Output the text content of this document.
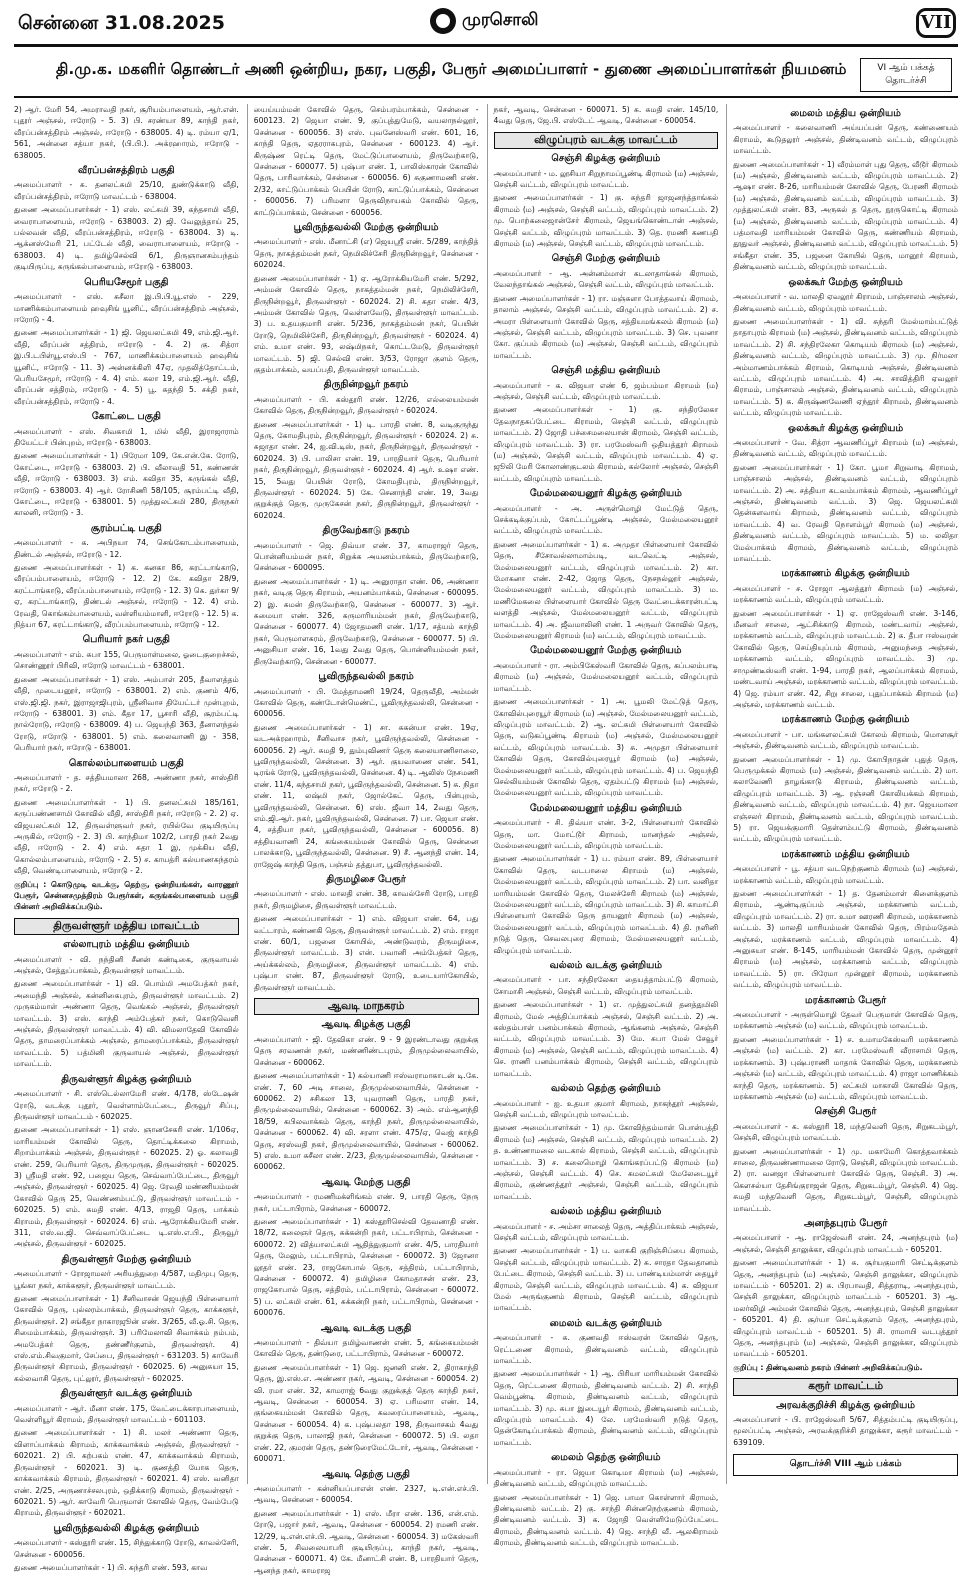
சென்னை 31.08.2025	முரசொலி	VII
தி.மு.க. மகளிர் தொண்டர் அணி ஒன்றிய, நகர, பகுதி, பேரூர் அமைப்பாளர் - துணை அமைப்பாளர்கள் நியமனம்	VI ஆம் பக்கத் தொடர்ச்சி
2) ஆர். மேரி 54, அமராவதி நகர், சூரியம்பாளையம், ஆர்.என். புதூர் அஞ்சல், ஈரோடு - 5. 3) பி. சரண்யா 89, காந்தி நகர், வீரப்பன்சத்திரம் அஞ்சல், ஈரோடு - 638005. 4) டி. ரம்யா ஏ/1, 561, அன்னை சத்யா நகர், (பி.பி.). அக்ரஹாரம், ஈரோடு - 638005.
வீரப்பன்சத்திரம் பகுதி
அமைப்பாளர் - சு. தனலட்சுமி 25/10, துண்டுக்காடு வீதி, வீரப்பன்சத்திரம், ஈரோடு மாவட்டம் - 638004.
துணை அமைப்பாளர்கள் - 1) எஸ். லட்சுமி 39, கந்தசாமி வீதி, வைராபாளையம், ஈரோடு - 638003. 2) ஜி. வேலுத்தாய் 25, பல்லவன் வீதி, வீரப்பன்சத்திரம், ஈரோடு - 638004. 3) டி. ஆக்னஸ்மேரி 21, பட்டேல் வீதி, வைராபாளையம், ஈரோடு - 638003. 4) டி. தமிழ்செல்வி 6/1, திருஞானசம்பந்தம் குடியிருப்பு, கருங்கல்பாளையம், ஈரோடு - 638003.
பெரியசேமூர் பகுதி
அமைப்பாளர் - எஸ். சுசீலா இ.பி.பி.யூ.எஸ் - 229, மாணிக்கம்பாளையம் ஹவுசிங் யூனிட், வீரப்பன்சத்திரம் அஞ்சல், ஈரோடு - 4.
துணை அமைப்பாளர்கள் - 1) ஜி. ஜெயலட்சுமி 49, எம்.ஜி.ஆர். வீதி, வீரப்பன் சத்திரம், ஈரோடு - 4. 2) கு. சித்ரா இ.பி.டபிள்யூ.எஸ்.பி - 767, மாணிக்கம்பாளையம் ஹவுசிங் யூனிட், ஈரோடு - 11. 3) அன்னக்கிளி 47ஏ, முதலித்தோட்டம், பெரியசேமூர், ஈரோடு - 4. 4) எம். கலா 19, எம்.ஜி.ஆர். வீதி, வீரப்பன் சத்திரம், ஈரோடு - 4. 5) பூ. சுதந்தி 5. சக்தி நகர், வீரப்பன்சத்திரம், ஈரோடு - 4.
கோட்டை பகுதி
அமைப்பாளர் - எஸ். சிவகாமி 1, மில் வீதி, இராஜாராம் தியேட்டர் பின்புறம், ஈரோடு - 638003.
துணை அமைப்பாளர்கள் - 1) பிரேமா 109, கே.என்.கே. ரோடு, கோட்டை, ஈரோடு - 638003. 2) பி. வீலாவதி 51, கண்ணன் வீதி, ஈரோடு - 638003. 3) எம். கவிதா 35, கருங்கல் வீதி, ஈரோடு - 638003. 4) ஆர். ரோசிணி 58/105, சூரம்பட்டி வீதி, கோட்டை, ஈரோடு - 638001. 5) முத்துலட்சுமி 280, திருநகர் காலனி, ஈரோடு - 3.
சூரம்பட்டி பகுதி
அமைப்பாளர் - க. அபிநயா 74, செங்கோடம்பாளையம், திண்டல் அஞ்சல், ஈரோடு - 12.
துணை அமைப்பாளர்கள் - 1) க. கனகா 86, கரட்டாங்காடு, வீரப்பம்பாளையம், ஈரோடு - 12. 2) கே. கவிதா 28/9, கரட்டாங்காடு, வீரப்பம்பாளையம், ஈரோடு - 12. 3) கெ. துர்கா 9/ஏ, கரட்டாங்காடு, திண்டல் அஞ்சல், ஈரோடு - 12. 4) எம். ரேவதி, கொங்கம்பாளையம், வள்ளியம்மாளி, ஈரோடு - 12. 5) க. நித்யா 67, கரட்டாங்காடு, வீரப்பம்பாளையம், ஈரோடு - 12.
பெரியார் நகர் பகுதி
அமைப்பாளர் - எம். சுபா 155, பெருமாள்மலை, ஓடைகுறைச்சல், சொண்ணூர் பிரிவி, ஈரோடு மாவட்டம் - 638001.
துணை அமைப்பாளர்கள் - 1) எஸ். அம்பாள் 205, தீவாளத்தம் வீதி, முடையனூர், ஈரோடு - 638001. 2) எம். குணம் 4/6, எஸ்.ஜி.ஜி. நகர், இராஜாஜிபுரம், ஸ்ரீனிவாச தியேட்டர் முன்புறம், ஈரோடு - 638001. 3) எம். கீதா 17, பூசாரி வீதி, சூரம்பட்டி நால்ரோடு, ஈரோடு - 638009. 4) ப. ஜெயந்தி 363, தீனாளந்தல் ரோடு, ஈரோடு - 638001. 5) எம். கலைவாணி இ - 358, பெரியார் நகர், ஈரோடு - 638001.
கொல்லம்பாளையம் பகுதி
அமைப்பாளர் - த. சத்தியமாலா 268, அண்ணா நகர், சாஸ்திரி நகர், ஈரோடு - 2.
துணை அமைப்பாளர்கள் - 1) பி. தனலட்சுமி 185/161, கருப்பண்ணசாமி கோவில் வீதி, சாஸ்திரி நகர், ஈரோடு - 2. 2) ஏ. விஜயலட்சுமி 12, திருவள்ளுவர் நகர், ரயில்வே குடியிருப்பு அருகில், ஈரோடு - 2. 3) பி. காந்திமா 102/2, பாரதி நகர் 2வது வீதி, ஈரோடு - 2. 4) எம். சுதா 1 இ, முக்கிய வீதி, கொல்லம்பாளையம், ஈரோடு - 2. 5) ச. காயத்ரி கல்யாணசுந்தரம் வீதி, வெண்டிபாளையம், ஈரோடு - 2.
குறிப்பு : கொடுமுடி வடக்கு, தெற்கு, ஒன்றியங்கள், வாரணூர் பேரூர், சென்னசமுத்திரம் பேரூர்கள், கருங்கல்பாளையம் பகுதி பின்னர் அறிவிக்கப்படும்.
திருவள்ளூர் மத்திய மாவட்டம்
எல்லாபுரம் மத்திய ஒன்றியம்
அமைப்பாளர் - வி. நந்தினி சீனன் கண்டிகை, குருவாயல் அஞ்சல், சேத்துப்பாக்கம், திருவள்ளூர் மாவட்டம்.
துணை அமைப்பாளர்கள் - 1) வி. பொம்மி அமபேத்கர் நகர், அமைந்தி அஞ்சல், கன்னிகைபுரம், திருவள்ளூர் மாவட்டம். 2) முருகம்மாள் அண்ணா தெரு, வெங்கல் அஞ்சல், திருவள்ளூர் மாவட்டம். 3) எஸ். காந்தி அம்பேத்கர் நகர், கொடுவெளி அஞ்சல், திருவள்ளூர் மாவட்டம். 4) வி. விமலாதேவி கோவில் தெரு, தாமரைப்பாக்கம் அஞ்சல், தாமரைப்பாக்கம், திருவள்ளூர் மாவட்டம். 5) பத்மினி குருவாயல் அஞ்சல், திருவள்ளூர் மாவட்டம்.
திருவள்ளூர் கிழக்கு ஒன்றியம்
அமைப்பாளர் - சி. எஸ்டெல்லாமேரி எண். 4/178, ஸ்டேஷன் ரோடு, வடக்கு புதூர், வெள்ளாம்பேட்டை, திருவூர் சிப்பு, திருவள்ளூர் மாவட்டம் - 602025.
துணை அமைப்பாளர்கள் - 1) எஸ். ஞானசேகரி எண். 1/106ஏ, மாரியம்மன் கோவில் தெரு, தொட்டிக்கலை கிராமம், சிறாம்பாக்கம் அஞ்சல், திருவள்ளூர் - 602025. 2) ஓ. கலாவதி எண். 259, பெரியார் தெரு, திருமுருகு, திருவள்ளூர் - 602025. 3) ஸ்ரீமதி எண். 92, பஜைய தெரு, செவ்வாப்பேட்டை, திருவூர் அஞ்சல், திருவள்ளூர் - 602025. 4) ஜெ. ரேவதி மண்ணியம்மன் கோவில் தெரு 25, வெண்ணம்பட்டு, திருவள்ளூர் மாவட்டம் - 602025. 5) எம். சுமதி எண். 4/13, ராஜதி தெரு, பாக்கம் கிராமம், திருவள்ளூர் - 602024. 6) எம். ஆரோக்கியமேரி எண். 311, எஸ்.வ.ஜி. செவ்வாப்பேட்டை டி.எஸ்.எ.பி., திருவூர் அஞ்சல், திருவள்ளூர் - 602025.
திருவள்ளூர் மேற்கு ஒன்றியம்
அமைப்பாளர் - ரோஜாமலர் அரியத்துறை 4/587, மதிமுபு தெரு, பூங்கா நகர், காக்களூர், திருவள்ளூர் மாவட்டம்.
துணை அமைப்பாளர்கள் - 1) சீனிவாசன் ஜெயந்தி பிள்ளையார் கோவில் தெரு, புல்லரம்பாக்கம், திருவள்ளூர் தெரு, காக்களூர், திருவள்ளூர். 2) சங்கீதா நாகாரஜூன் எண். 3/265, வீ.ஓ.சி. தெரு, சிமைம்பாக்கம், திருவள்ளூர். 3) பரிமேலாவி சிவாக்கம் நம்பம், அமபேத்கர் தெரு, தண்ணீர்குளம், திருவள்ளூர். 4) எஸ்.எம்.சிவகுமார், சேப்பை, திருவள்ளூர் - 631203. 5) காவேரி திருவள்ளூர் கிராமம், திருவள்ளூர் - 602025. 6) அனுசுயா 15, கல்லவாசி தெரு, புட்லூர், திருவள்ளூர் - 602025.
திருவள்ளூர் வடக்கு ஒன்றியம்
அமைப்பாளர் - ஆர். மீனா எண். 175, வேட்டைக்காரபாளையம், வெள்ளியூர் கிராமம், திருவள்ளூர் மாவட்டம் - 601103.
துணை அமைப்பாளர்கள் - 1) சி. மலர் அண்ணா தெரு, விளாப்பாக்கம் கிராமம், காக்கவாக்கம் அஞ்சல், திருவள்ளூர் - 602021. 2) பி. கற்பகம் எண். 47, காக்கவாக்கம் கிராமம், திருவள்ளூர் - 602021. 3) டி. குணத்தி யோக தெரு, காக்கவாக்கம் கிராமம், திருவள்ளூர் - 602021. 4) எஸ். வனிதா எண். 2/25, அருணாச்சலபுரம், ஒதிக்காடு கிராமம், திருவள்ளூர் - 602021. 5) ஆர். காவேரி பெருமாள் கோவில் தெரு, வேம்பேடு கிராமம், திருவள்ளூர் - 602021.
பூவிருந்தவல்லி கிழக்கு ஒன்றியம்
அமைப்பாளர் - கஸ்தூரி எண். 15, சிந்துக்காடு ரோடு, காவல்சேரி, சென்னை - 600056.
துணை அமைப்பாளர்கள் - 1) பி. சுந்தரி எண். 593, காவ
யைய்யம்மன் கோவில் தெரு, செம்பரம்பாக்கம், சென்னை - 600123. 2) ஜெயா எண். 9, குப்புத்துமேடு, வயலாநல்லூர், சென்னை - 600056. 3) எஸ். புவனேஸ்வரி எண். 601, 16, காந்தி தெரு, ஏதரராகபுரம், சென்னை - 600123. 4) ஆர். கிருஷ்ண ரெட்டி தெரு, மேட்டுப்பாளையம், திருவேற்காடு, சென்னை - 600077. 5) புஷ்பா எண். 1, பாலிஸ்காரன் கோவில் தெரு, பாரிவாக்கம், சென்னை - 600056. 6) சுகுணாமணி எண். 2/32, காட்டுப்பாக்கம் பெயின் ரோடு, காட்டுப்பாக்கம், சென்னை - 600056. 7) பரிமளா தெருவிநாயகம் கோவில் தெரு, காட்டுப்பாக்கம், சென்னை - 600056.
பூவிருந்தவல்லி மேற்கு ஒன்றியம்
அமைப்பாளர் - எஸ். மீனாட்சி (எ) ஜெயஸ்ரீ எண். 5/289, காந்தித் தெரு, நாகத்தம்மன் நகர், நெமிலிச்சேரி திருநின்றவூர், சென்னை - 602024.
துணை அமைப்பாளர்கள் - 1) ஏ. ஆரோக்கியமேரி எண். 5/292, அம்மன் கோவில் தெரு, நாகத்தம்மன் நகர், நெமிலிச்சேரி, திருநின்றவூர், திருவள்ளூர் - 602024. 2) சி. சுதா எண். 4/3, அம்மன் கோவில் தெரு, வெள்ளவேடு, திருவள்ளூர் மாவட்டம். 3) ப. உதயகுமாரி எண். 5/236, நாகத்தம்மன் நகர், பெயின் ரோடு, நெமிலிச்சேரி, திருநின்றவூர், திருவள்ளூர் - 602024. 4) எம். உமா எண். 93, லஷ்மிநகர், கொட்டமேடு, திருவள்ளூர் மாவட்டம். 5) ஜி. செல்வி எண். 3/53, ரோஜா குளம் தெரு, குதம்பாக்கம், வயப்பதி, திருவள்ளூர் மாவட்டம்.
திருநின்றவூர் நகரம்
அமைப்பாளர் - பி. கஸ்தூரி எண். 12/26, எல்லையம்மன் கோவில் தெரு, திருநின்றவூர், திருவள்ளூர் - 602024.
துணை அமைப்பாளர்கள் - 1) டி. பாரதி எண். 8, வடிகுருந்து தெரு, கோமதிபுரம், திருநின்றவூர், திருவள்ளூர் - 602024. 2) சு. சுஜாதா எண். 24, ஐ.வி.டிஸ், நகர், திருநின்றவூர், திருவள்ளூர் - 602024. 3) பி. பாலிசா எண். 19, பாரதியார் தெரு, பெரியார் நகர், திருநின்றவூர், திருவள்ளூர் - 602024. 4) ஆர். உஷா எண். 15, 5வது பெயின் ரோடு, கோமதிபுரம், திருநின்றவூர், திருவள்ளூர் - 602024. 5) கே. செனாந்தி எண். 19, 3வது குறுக்குத் தெரு, முருகேசன் நகர், திருநின்றவூர், திருவள்ளூர் - 602024.
திருவேற்காடு நகரம்
அமைப்பாளர் - ஜெ. திவ்யா எண். 37, காமராஜர் தெரு, பொன்னியம்மன் நகர், சிறுக்க அயனம்பாக்கம், திருவேற்காடு, சென்னை - 600095.
துணை அமைப்பாளர்கள் - 1) டி. அனுராதா எண். 06, அண்ணா நகர், வடிகு தெரு கிராமம், அயனம்பாக்கம், சென்னை - 600095. 2) இ. சுமன் திருவேற்காடு, சென்னை - 600077. 3) ஆர். சுமையா எண். 326, கருமாரியம்மன் நகர், திருவேற்காடு, சென்னை - 600077. 4) ஜோதமணி எண். 1/17, சத்யம் காந்தி நகர், பெருமாளகரம், திருவேற்காடு, சென்னை - 600077. 5) பி. அனுசியா எண். 16, 1வது 2வது தெரு, பொன்னியம்மன் நகர், திருவேற்காடு, சென்னை - 600077.
பூவிருந்தவல்லி நகரம்
அமைப்பாளர் - பி. மேத்தாமணி 19/24, தெருவீதி, அம்மன் கோவில் தெரு, கண்டோன்மெண்ட், பூவிருந்தவல்லி, சென்னை - 600056.
துணை அமைப்பாளர்கள் - 1) சா. சுகன்யா எண். 19ஏ, வடஅக்ரஹாரம், சீனிவாச நகர், பூவிருந்தவல்லி, சென்னை - 600056. 2) ஆர். சுமதி 9, தும்புவிணர் தெரு கலையாணிசாலை, பூவிருந்தவல்லி, சென்னை. 3) ஆர். குயவாணை எண். 541, டிரங்க் ரோடு, பூவிருந்தவல்லி, சென்னை. 4) டி. ஆலிஸ் நேசமணி எண். 11/4, கந்தசாமி நகர், பூவிருந்தவல்லி, சென்னை. 5) சு. நிதா எண். 11, லஷ்மி நகர், ஜோல்கேட் தெரு, பின்புறம், பூவிருந்தவல்லி, சென்னை. 6) எஸ். ஜீவா 14, 2வது தெரு, எம்.ஜி.ஆர். நகர், பூவிருந்தவல்லி, சென்னை. 7) பா. ஜெயா எண். 4, சத்தியா நகர், பூவிருந்தவல்லி, சென்னை - 600056. 8) சத்தியவாணி 24, கங்கையம்மன் கோவில் தெரு, சென்னை பாலக்காடு, பூவிருந்தவல்லி, சென்னை. 9) சீ. ஆனந்தி எண். 14, ராஜேஷ் காந்தி தெரு, பஞ்சம் தத்துபா, பூவிருந்தவல்லி.
திருமழிசை பேரூர்
அமைப்பாளர் - எஸ். மாலதி எண். 38, காவல்சேரி ரோடு, பாரதி நகர், திருமழிசை, திருவள்ளூர் மாவட்டம்.
துணை அமைப்பாளர்கள் - 1) எம். விஜயா எண். 64, பது வட்டாரம், கண்ணகி தெரு, திருவள்ளூர் மாவட்டம். 2) எம். ராஜா எண். 60/1, பஜனை கோயில், அண்டுவரம், திருமழிசை, திருவள்ளூர் மாவட்டம். 3) என். பவானி அம்பேத்கர் தெரு, அய்க்கல்லம், திருமழிசை, திருவள்ளூர் மாவட்டம். 4) எம். புஷ்பா எண். 87, திருவள்ளூர் ரோடு, உடையார்கோயில், திருவள்ளூர் மாவட்டம்.
ஆவடி மாநகரம்
ஆவடி கிழக்கு பகுதி
அமைப்பாளர் - ஜி. தேவிகா எண். 9 - 9 இரண்டாவது குறுக்கு தெரு சரவணன் நகர், மண்ணிண்டபுரம், திருமுல்லைவாயில், சென்னை - 600062.
துணை அமைப்பாளர்கள் - 1) கல்யாணி ஈஸ்வராமாகாடன் டி.கே. எண். 7, 60 அடி சாலை, திருமுல்லைவாயில், சென்னை - 600062. 2) சசிகலா 13, யுவராணி தெரு, பாரதி நகர், திருமுல்லைவாயில், சென்னை - 600062. 3) அம். எம்ஆனந்தி 18/59, கபிலவாக்கம் தெரு, காந்தி நகர், திருமுல்லைவாயில், சென்னை - 600062. 4) வி. சரளா எண். 475/ஏ, வெஜ் காந்தி தெரு, சரஸ்வதி நகர், திருமுல்லைவாயில், சென்னை - 600062. 5) எஸ். உமா சுசீலா எண். 2/23, திருமுல்லைவாயில், சென்னை - 600062.
ஆவடி மேற்கு பகுதி
அமைப்பாளர் - ரமணிமக்ளிங்கம் எண். 9, பாரதி தெரு, நேரு நகர், பட்டாபிராம், சென்னை - 600072.
துணை அமைப்பாளர்கள் - 1) கஸ்தூரிசெல்வி தேவனாதி எண். 18/72, கலைஞர் தெரு, சுக்கன்றி நகர், பட்டாபிராம், சென்னை - 600072. 2) வித்யாலட்சுமி ஆதித்துகுமார் எண். 4/5, பாரதியார் தெரு, மேலும், பட்டாபிராம், சென்னை - 600072. 3) ஜோனா லூதர் எண். 23, ராஜகோபால் தெரு, சத்திரம், பட்டாபிராம், சென்னை - 600072. 4) தமிழிசை கோமதாசன் எண். 23, ராஜகோபால் தெரு, சத்திரம், பட்டாபிராம், சென்னை - 600072. 5) ப. லட்சுமி எண். 61, சுக்கன்றி நகர், பட்டாபிராம், சென்னை - 600076.
ஆவடி வடக்கு பகுதி
அமைப்பாளர் - திவ்யா தமிழ்வாணன் எண். 5, கங்கையம்மன் கோவில் தெரு, தண்டுரை, பட்டாபிராம், சென்னை - 600072.
துணை அமைப்பாளர்கள் - 1) ஜெ. ஜனனி எண். 2, திராகாந்தி தெரு, இ.எஸ்.எ. அண்ணா நகர், ஆவடி, சென்னை - 600054. 2) வி. ரமா எண். 32, காமராஜ் 6வது குறுக்குத் தெரு காந்தி நகர், ஆவடி, சென்னை - 600054. 3) ஏ. பரிமளா எண். 14, குங்கையம்மன் கோவில் தெரு, கவரைப்பாளையம், ஆவடி, சென்னை - 600054. 4) க. புஷ்பலதா 198, திருவாசகம் 4வது குறுக்கு தெரு, பாலாஜி நகர், சென்னை - 600072. 5) பி. லதா எண். 22, குமரன் தெரு, தண்டுரைமேட்டோர், ஆவடி, சென்னை - 600071.
ஆவடி தெற்கு பகுதி
அமைப்பாளர் - கன்னியப்பாஎன் எண். 2327, டி.என்.எச்.பி. ஆவடி, சென்னை - 600054.
துணை அமைப்பாளர்கள் - 1) எஸ். மீரா எண். 136, என்.எம். ரோடு, பஜார் நகர், ஆவடி, சென்னை - 600054. 2) ரமணி எண். 12/29, டி.என்.எச்.பி. ஆவடி, சென்னை - 600054. 3) மகேஸ்வரி எண். 5, சிவலையாபரி குடியிருப்பு, காந்தி நகர், ஆவடி, சென்னை - 600071. 4) கே. மீனாட்சி எண். 8, பாரதியார் தெரு, ஆனந்த நகர், காமராஜ
நகர், ஆவடி, சென்னை - 600071. 5) சு. சுமதி எண். 145/10, 4வது தெரு, ஜே.பி. எஸ்டேட் ஆவடி, சென்னை - 600054.
விழுப்புரம் வடக்கு மாவட்டம்
செஞ்சி கிழக்கு ஒன்றியம்
அமைப்பாளர் - ம. லூசியா சிறுநாமப்பூண்டி கிராமம் (ம) அஞ்சல், செஞ்சி வட்டம், விழுப்புரம் மாவட்டம்.
துணை அமைப்பாளர்கள் - 1) கு. சுந்தரி ஜாஜனந்த்தாங்கல் கிராமம் (ம) அஞ்சல், செஞ்சி வட்டம், விழுப்புரம் மாவட்டம். 2) மு. பொற்கலைஜான்சேர் கிராமம், ஜெயங்கொண்டான் அஞ்சல், செஞ்சி வட்டம், விழுப்புரம் மாவட்டம். 3) தெ. ரமணி கணபதி கிராமம் (ம) அஞ்சல், செஞ்சி வட்டம், விழுப்புரம் மாவட்டம்.
செஞ்சி மேற்கு ஒன்றியம்
அமைப்பாளர் - ஆ. அன்னம்மாள் கடலாதாங்கல் கிராமம், வேலந்தாங்கல் அஞ்சல், செஞ்சி வட்டம், விழுப்புரம் மாவட்டம்.
துணை அமைப்பாளர்கள் - 1) ரா. மஞ்சுளா போத்தவாய் கிராமம், தாலாம் அஞ்சல், செஞ்சி வட்டம், விழுப்புரம் மாவட்டம். 2) ச. அமரா பிள்ளையார் கோவில் தெரு, சத்தியமங்கலம் கிராமம் (ம) அஞ்சல், செஞ்சி வட்டம், விழுப்புரம் மாவட்டம். 3) செ. புவனா கோ. குப்பம் கிராமம் (ம) அஞ்சல், செஞ்சி வட்டம், விழுப்புரம் மாவட்டம்.
செஞ்சி மத்திய ஒன்றியம்
அமைப்பாளர் - க. விஜயா எண் 6, ஜம்பம்மா கிராமம் (ம) அஞ்சல், செஞ்சி வட்டம், விழுப்புரம் மாவட்டம்.
துணை அமைப்பாளர்கள் - 1) கு. சந்திரலேகா தேவநாதசுப்பேட்டை கிராமம், செஞ்சி வட்டம், விழுப்புரம் மாவட்டம். 2) ஜோதி பச்சைமலையான் கிராமம், செஞ்சி வட்டம், விழுப்புரம் மாவட்டம். 3) ரா. பரமேஸ்வரி ஒதியத்தூர் கிராமம் (ம) அஞ்சல், செஞ்சி வட்டம், விழுப்புரம் மாவட்டம். 4) ஏ. ஜூலி மேரி கோலாண்குடலம் கிராமம், கல்லோர் அஞ்சல், செஞ்சி வட்டம், விழுப்புரம் மாவட்டம்.
மேல்மலையனூர் கிழக்கு ஒன்றியம்
அமைப்பாளர் - அ. அருள்மொழி மேட்டுத் தெரு, செக்கடிக்குப்பம், கோட்டப்பூண்டி அஞ்சல், மேல்மலையனூர் வட்டம், விழுப்புரம் மாவட்டம்.
துணை அமைப்பாளர்கள் - 1) க. அமுதா பிள்ளையார் கோவில் தெரு, சீசோவல்லாமாம்படி, வடவெட்டி அஞ்சல், மேல்மலையனூர் வட்டம், விழுப்புரம் மாவட்டம். 2) கா. மோகனா எண். 2-42, ஜோத தெரு, நேசநல்லூர் அஞ்சல், மேல்மலையனூர் வட்டம், விழுப்புரம் மாவட்டம். 3) ம. மணிமேகலை பிள்ளையார் கோவில் தெரு வேட்டைக்காரன்பட்டி வளத்தி அஞ்சல், மேல்மலையனூர் வட்டம், விழுப்புரம் மாவட்டம். 4) அ. ஜீவமாலினி எண். 1 அருவர் கோவில் தெரு, மேல்மலையனூர் கிராமம் (ம) வட்டம், விழுப்புரம் மாவட்டம்.
மேல்மலையனூர் மேற்கு ஒன்றியம்
அமைப்பாளர் - ரா. அம்பிகேஸ்வரி கோவில் தெரு, கப்பலம்பாடி கிராமம் (ம) அஞ்சல், மேல்மலையனூர் வட்டம், விழுப்புரம் மாவட்டம்.
துணை அமைப்பாளர்கள் - 1) அ. பூமலி மேட்டுத் தெரு, கோவில்புரையூர் கிராமம் (ம) அஞ்சல், மேல்மலையனூர் வட்டம், விழுப்புரம் மாவட்டம். 2) ஆ. லட்சுமி பிள்ளையார் கோவில் தெரு, வடுகப்பூண்டி கிராமம் (ம) அஞ்சல், மேல்மலையனூர் வட்டம், விழுப்புரம் மாவட்டம். 3) சு. அமுதா பிள்ளையார் கோவில் தெரு, கோவில்புரையூர் கிராமம் (ம) அஞ்சல், மேல்மலையனூர் வட்டம், விழுப்புரம் மாவட்டம். 4) ப. ஜெயந்தி செல்லியம்மன் கோவில் தெரு, ஏதம்பட்டு கிராமம் (ம) அஞ்சல், மேல்மலையனூர் வட்டம், விழுப்புரம் மாவட்டம்.
மேல்மலையனூர் மத்திய ஒன்றியம்
அமைப்பாளர் - சி. திவ்யா எண். 3-2, பிள்ளையார் கோவில் தெரு, மா. மோட்டூர் கிராமம், மானந்தல் அஞ்சல், மேல்மலையனூர் வட்டம், விழுப்புரம் மாவட்டம்.
துணை அமைப்பாளர்கள் - 1) ப. ரம்யா எண். 89, பிள்ளையார் கோவில் தெரு, வடபாலை கிராமம் (ம) அஞ்சல், மேல்மலையனூர் வட்டம், விழுப்புரம் மாவட்டம். 2) பா. வனிதா மாரியம்மன் கோவில் தெரு, மேலச்சேரி கிராமம் (ம) அஞ்சல், மேல்மலையனூர் வட்டம், விழுப்புரம் மாவட்டம். 3) சி. காமாட்சி பிள்ளையார் கோவில் தெரு தாயனூர் கிராமம் (ம) அஞ்சல், மேல்மலையனூர் வட்டம், விழுப்புரம் மாவட்டம். 4) தி. நளினி நடுத் தெரு, செவலபுரை கிராமம், மேல்மலையனூர் வட்டம், விழுப்புரம் மாவட்டம்.
வல்லம் வடக்கு ஒன்றியம்
அமைப்பாளர் - பா. சந்திரலேகா தையத்தாம்பட்டு கிராமம், சோமாசி அஞ்சல், செஞ்சி வட்டம், விழுப்புரம் மாவட்டம்.
துணை அமைப்பாளர்கள் - 1) எ. முத்துலட்சுமி தனத்துமிலி கிராமம், மேல் அத்திப்பாக்கம் அஞ்சல், செஞ்சி வட்டம். 2) அ. கஸ்தம்பாள் பனம்பாக்கம் கிராமம், ஆங்கனம் அஞ்சல், செஞ்சி வட்டம், விழுப்புரம் மாவட்டம். 3) மே. சுபா மேல் சேவூர் கிராமம் (ம) அஞ்சல், செஞ்சி வட்டம், விழுப்புரம் மாவட்டம். 4) செ. ராணி பனம்பாக்கம் கிராமம், செஞ்சி வட்டம், விழுப்புரம் மாவட்டம்.
வல்லம் தெற்கு ஒன்றியம்
அமைப்பாளர் - ஐ. உதயா குமார் கிராமம், நாகந்தூர் அஞ்சல், செஞ்சி வட்டம், விழுப்புரம் மாவட்டம்.
துணை அமைப்பாளர்கள் - 1) மு. கோவிந்தம்மாள் பொன்பத்தி கிராமம் (ம) அஞ்சல், செஞ்சி வட்டம், விழுப்புரம் மாவட்டம். 2) த. உண்ணாமலை வடகால் கிராமம், செஞ்சி வட்டம், விழுப்புரம் மாவட்டம். 3) ச. கலைமொழி கொங்கரப்பட்டு கிராமம் (ம) அஞ்சல், செஞ்சி வட்டம். 4) செ. சுமலட்சுமி மேலேடையூர் கிராமம், குண்ணத்தூர் அஞ்சல், செஞ்சி வட்டம், விழுப்புரம் மாவட்டம்.
வல்லம் மத்திய ஒன்றியம்
அமைப்பாளர் - ச. அம்சா சாலைத் தெரு, அத்திப்பாக்கம் அஞ்சல், செஞ்சி வட்டம், விழுப்புரம் மாவட்டம்.
துணை அமைப்பாளர்கள் - 1) ப. வாசுகி குறிஞ்சிப்பை கிராமம், செஞ்சி வட்டம், விழுப்புரம் மாவட்டம். 2) சு. சாரதா தேவதானம் பேட்டை கிராமம், செஞ்சி வட்டம். 3) ப. பாண்டியம்மாள் தையூர் கிராமம், செஞ்சி வட்டம், விழுப்புரம் மாவட்டம். 4) க. விஜயா மேல் அருங்குணம் கிராமம், செஞ்சி வட்டம், விழுப்புரம் மாவட்டம்.
மைலம் வடக்கு ஒன்றியம்
அமைப்பாளர் - சு. குணவதி ஈஸ்வரன் கோவில் தெரு, ரெட்டணை கிராமம், திண்டிவனம் வட்டம், விழுப்புரம் மாவட்டம்.
துணை அமைப்பாளர்கள் - 1) ஆ. பிரியா மாரியம்மன் கோவில் தெரு, ரெட்டணை கிராமம், திண்டிவனம் வட்டம். 2) சி. சாந்தி வெம்பூண்டி கிராமம், திண்டிவனம் வட்டம், விழுப்புரம் மாவட்டம். 3) மு. சுபா இடையூர் கிராமம், திண்டிவனம் வட்டம், விழுப்புரம் மாவட்டம். 4) லே. பரமேஸ்வரி நடுத் தெரு, தென்கோடிப்பாக்கம் கிராமம், திண்டிவனம் வட்டம், விழுப்புரம் மாவட்டம்.
மைலம் தெற்கு ஒன்றியம்
அமைப்பாளர் - ரா. ஜெயா கொடிமா கிராமம் (ம) அஞ்சல், திண்டிவனம் வட்டம், விழுப்புரம் மாவட்டம்.
துணை அமைப்பாளர்கள் - 1) ஜெ. பாமா கொள்ளார் கிராமம், திண்டிவனம் வட்டம். 2) கு. சாந்தி சின்னநெற்குணம் கிராமம், திண்டிவனம் வட்டம். 3) க. ஜோதி வெள்ளிமேடுப்பேட்டை கிராமம், திண்டிவனம் வட்டம். 4) ஜெ. சாந்தி வீ. ஆலகிராமம் கிராமம், திண்டிவனம் வட்டம், விழுப்புரம் மாவட்டம்.
மைலம் மத்திய ஒன்றியம்
அமைப்பாளர் - கலைவாணி அய்யப்பன் தெரு, கண்ணையம் கிராமம், கூடுதலூர் அஞ்சல், திண்டிவனம் வட்டம், விழுப்புரம் மாவட்டம்.
துணை அமைப்பாளர்கள் - 1) வீரம்மாள் புது தெரு, வீடூர் கிராமம் (ம) அஞ்சல், திண்டிவனம் வட்டம், விழுப்புரம் மாவட்டம். 2) ஆஷா எண். 8-26, மாரியம்மன் கோவில் தெரு, பேரணி கிராமம் (ம) அஞ்சல், திண்டிவனம் வட்டம், விழுப்புரம் மாவட்டம். 3) முத்துலட்சுமி எண். 83, அருகல் த தெரு, நூருகொட்டி கிராமம் (ம) அஞ்சல், திண்டிவனம் வட்டம், விழுப்புரம் மாவட்டம். 4) பத்மாவதி மாரியம்மன் கோவில் தெரு, கண்ணியம் கிராமம், தூதுவர் அஞ்சல், திண்டிவனம் வட்டம், விழுப்புரம் மாவட்டம். 5) சங்கீதா எண். 35, பஜனை கோயில் தெரு, மானூர் கிராமம், திண்டிவனம் வட்டம், விழுப்புரம் மாவட்டம்.
ஒலக்கூர் மேற்கு ஒன்றியம்
அமைப்பாளர் - வ. மாலதி ஏவலூர் கிராமம், பாஞ்சாலம் அஞ்சல், திண்டிவனம் வட்டம், விழுப்புரம் மாவட்டம்.
துணை அமைப்பாளர்கள் - 1) வி. சுந்தரி மேல்மாம்பட்டுத் தாதாபுரம் கிராமம் (ம) அஞ்சல், திண்டிவனம் வட்டம், விழுப்புரம் மாவட்டம். 2) சி. சந்திரலேகா கொடியம் கிராமம் (ம) அஞ்சல், திண்டிவனம் வட்டம், விழுப்புரம் மாவட்டம். 3) மு. நிர்மலா அம்மாணம்பாக்கம் கிராமம், கொடியம் அஞ்சல், திண்டிவனம் வட்டம், விழுப்புரம் மாவட்டம். 4) அ. சாவித்திரி ஏவலூர் கிராமம், பாஞ்சாலம் அஞ்சல், திண்டிவனம் வட்டம், விழுப்புரம் மாவட்டம். 5) க. கிருஷ்ணவேணி ஏந்தூர் கிராமம், திண்டிவனம் வட்டம், விழுப்புரம் மாவட்டம்.
ஒலக்கூர் கிழக்கு ஒன்றியம்
அமைப்பாளர் - வே. சித்ரா ஆவணிப்பூர் கிராமம் (ம) அஞ்சல், திண்டிவனம் வட்டம், விழுப்புரம் மாவட்டம்.
துணை அமைப்பாளர்கள் - 1) கோ. பூமா சிறுவாடி கிராமம், பாஞ்சாலம் அஞ்சல், திண்டிவனம் வட்டம், விழுப்புரம் மாவட்டம். 2) அ. சத்தியா கடவம்பாக்கம் கிராமம், ஆவணிப்பூர் அஞ்சல், திண்டிவனம் வட்டம். 3) ஜெ. ஜெயலட்சுமி தென்களவாய் கிராமம், திண்டிவனம் வட்டம், விழுப்புரம் மாவட்டம். 4) வ. ரேவதி நொளம்பூர் கிராமம் (ம) அஞ்சல், திண்டிவனம் வட்டம், விழுப்புரம் மாவட்டம். 5) ம. லலிதா மேல்பாக்கம் கிராமம், திண்டிவனம் வட்டம், விழுப்புரம் மாவட்டம்.
மரக்காணம் கிழக்கு ஒன்றியம்
அமைப்பாளர் - ச. ரோஜா ஆலத்தூர் கிராமம் (ம) அஞ்சல், மரக்காணம் வட்டம், விழுப்புரம் மாவட்டம்.
துணை அமைப்பாளர்கள் - 1) ஏ. ராஜேஸ்வரி எண். 3-146, மீனவர் சாலை, ஆட்சிக்காடு கிராமம், மண்டவாய் அஞ்சல், மரக்காணம் வட்டம், விழுப்புரம் மாவட்டம். 2) க. தீபா ஈஸ்வரன் கோவில் தெரு, செய்தியுப்பம் கிராமம், அனுமந்தை அஞ்சல், மரக்காணம் வட்டம், விழுப்புரம் மாவட்டம். 3) மு. சாமுண்டீஸ்வரி எண். 1-94, பாரதி நகர், ஆலப்பாக்கம் கிராமம், மண்டவாய் அஞ்சல், மரக்காணம் வட்டம், விழுப்புரம் மாவட்டம். 4) ஜெ. ரம்யா எண். 42, சிறு சாலை, புதுப்பாக்கம் கிராமம் (ம) அஞ்சல், மரக்காணம் வட்டம்.
மரக்காணம் மேற்கு ஒன்றியம்
அமைப்பாளர் - பா. மங்களலட்சுமி கோலம் கிராமம், மொளசூர் அஞ்சல், திண்டிவனம் வட்டம், விழுப்புரம் மாவட்டம்.
துணை அமைப்பாளர்கள் - 1) மு. கோபிநாதன் புதுத் தெரு, பெருமுக்கல் கிராமம் (ம) அஞ்சல், திண்டிவனம் வட்டம். 2) மா. கலாவேணி தாழங்காடு கிராமம், திண்டிவனம் வட்டம், விழுப்புரம் மாவட்டம். 3) ஆ. ரஞ்சனி கோலியக்கம் கிராமம், திண்டிவனம் வட்டம், விழுப்புரம் மாவட்டம். 4) நா. ஜெயமாலா எஞ்சலர் கிராமம், திண்டிவனம் வட்டம், விழுப்புரம் மாவட்டம். 5) ரா. ஜெயக்குமாரி தெள்ளம்பட்டு கிராமம், திண்டிவனம் வட்டம், விழுப்புரம் மாவட்டம்.
மரக்காணம் மத்திய ஒன்றியம்
அமைப்பாளர் - பூ. சத்யா வடநெற்குணம் கிராமம் (ம) அஞ்சல், மரக்காணம் வட்டம், விழுப்புரம் மாவட்டம்.
துணை அமைப்பாளர்கள் - 1) த. தேனம்மாள் கிளைக்குளம் கிராமம், ஆண்டிகுப்பம் அஞ்சல், மரக்காணம் வட்டம், விழுப்புரம் மாவட்டம். 2) ரா. உமா ஊரணி கிராமம், மரக்காணம் வட்டம். 3) மாலதி மாரியம்மன் கோவில் தெரு, பிரம்மதேசம் அஞ்சல், மரக்காணம் வட்டம், விழுப்புரம் மாவட்டம். 4) அனுசுயா எண். 8-145, மாரியம்மன் கோவில் தெரு, முன்னூர் கிராமம் (ம) அஞ்சல், மரக்காணம் வட்டம், விழுப்புரம் மாவட்டம். 5) ரா. பிரேமா முன்னூர் கிராமம், மரக்காணம் வட்டம், விழுப்புரம் மாவட்டம்.
மரக்காணம் பேரூர்
அமைப்பாளர் - அருள்மொழி தேவர் பெருமாள் கோவில் தெரு, மரக்காணம் அஞ்சல் (ம) வட்டம், விழுப்புரம் மாவட்டம்.
துணை அமைப்பாளர்கள் - 1) ச. உமாமகேஸ்வரி மரக்காணம் அஞ்சல் (ம) வட்டம். 2) கா. பரமேஸ்வரி வீராசாமி தெரு, மரக்காணம். 3) புஷ்பராணி மாதாக் கோவில் தெரு, மரக்காணம் அஞ்சல் (ம) வட்டம், விழுப்புரம் மாவட்டம். 4) ராஜா மாணிக்கம் காந்தி தெரு, மரக்காணம். 5) லட்சுமி மாகாலி கோவில் தெரு, மரக்காணம் அஞ்சல் (ம) வட்டம், விழுப்புரம் மாவட்டம்.
செஞ்சி பேரூர்
அமைப்பாளர் - க. கஸ்தூரி 18, மந்தவெளி தெரு, சிறுகடம்பூர், செஞ்சி, விழுப்புரம் மாவட்டம்.
துணை அமைப்பாளர்கள் - 1) மு. மகாமேரி கொத்தவாக்கம் சாலை, திருவண்ணாமலை ரோடு, செஞ்சி, விழுப்புரம் மாவட்டம். 2) ரா. வனஜா பிள்ளையார் கோவில் தெரு, செஞ்சி. 3) அ. கௌசல்யா தேசிங்குராஜன் தெரு, சிறுகடம்பூர், செஞ்சி. 4) ஜெ. சுமதி மந்தவெளி தெரு, சிறுகடம்பூர், செஞ்சி, விழுப்புரம் மாவட்டம்.
அனந்தபுரம் பேரூர்
அமைப்பாளர் - ஆ. ராஜேஸ்வரி எண். 24, அனந்தபுரம் (ம) அஞ்சல், செஞ்சி தாலுக்கா, விழுப்புரம் மாவட்டம் - 605201.
துணை அமைப்பாளர்கள் - 1) சு. சூர்யகுமாரி செட்டிக்குளம் தெரு, அனந்தபுரம் (ம) அஞ்சல், செஞ்சி தாலுக்கா, விழுப்புரம் மாவட்டம் - 605201. 2) சு. பிரபாவதி, சித்தராடி, அனந்தபுரம், செஞ்சி தாலுக்கா, விழுப்புரம் மாவட்டம் - 605201. 3) ஆ. மலர்விழி அம்மன் கோவில் தெரு, அனந்தபுரம், செஞ்சி தாலுக்கா - 605201. 4) தி. சூர்யா செட்டிக்குளம் தெரு, அனந்தபுரம், விழுப்புரம் மாவட்டம் - 605201. 5) சி. ராமாயி வடபுத்தூர் தெரு, அனந்தபுரம் (ம) அஞ்சல், செஞ்சி தாலுக்கா, விழுப்புரம் மாவட்டம் - 605201.
குறிப்பு : திண்டிவனம் நகரம் பின்னர் அறிவிக்கப்படும்.
கரூர் மாவட்டம்
அரவக்குறிச்சி கிழக்கு ஒன்றியம்
அமைப்பாளர் - பி. ராஜேஸ்வரி 5/67, சித்தம்பட்டி குடியிருப்பு, மூலப்பட்டி அஞ்சல், அரவக்குறிச்சி தாலுக்கா, கரூர் மாவட்டம் - 639109.
தொடர்ச்சி VIII ஆம் பக்கம்
